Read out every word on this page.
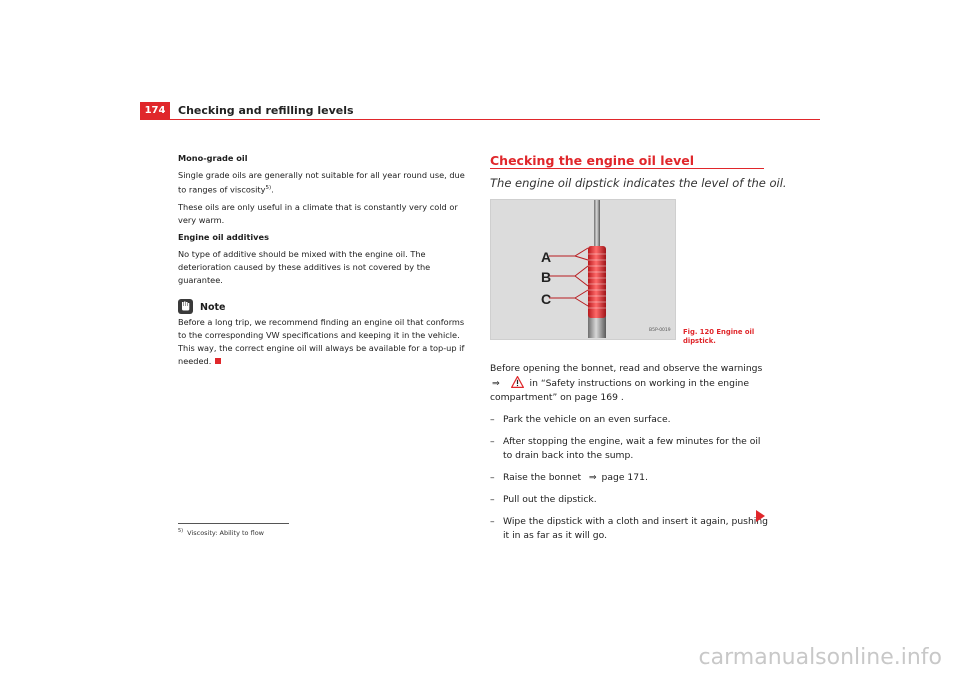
174	Checking and refilling levels

Mono-grade oil

Single grade oils are generally not suitable for all year round use, due to ranges of viscosity$^{5)}$.

These oils are only useful in a climate that is constantly very cold or very warm.

Engine oil additives

No type of additive should be mixed with the engine oil. The deterioration caused by these additives is not covered by the guarantee.

Note

Before a long trip, we recommend finding an engine oil that conforms to the corresponding VW specifications and keeping it in the vehicle. This way, the correct engine oil will always be available for a top-up if needed.

$^{5)}$ Viscosity: Ability to flow
Checking the engine oil level
The engine oil dipstick indicates the level of the oil.
A
B
C
B5P-0019 Fig. 120 Engine oil
dipstick.

Before opening the bonnet, read and observe the warnings ⇒	in “Safety instructions on working in the engine compartment” on page 169 .

– Park the vehicle on an even surface.
– After stopping the engine, wait a few minutes for the oil to drain back into the sump.
– Raise the bonnet ⇒ page 171.
– Pull out the dipstick.
– Wipe the dipstick with a cloth and insert it again, pushing it in as far as it will go.
carmanualsonline.info
